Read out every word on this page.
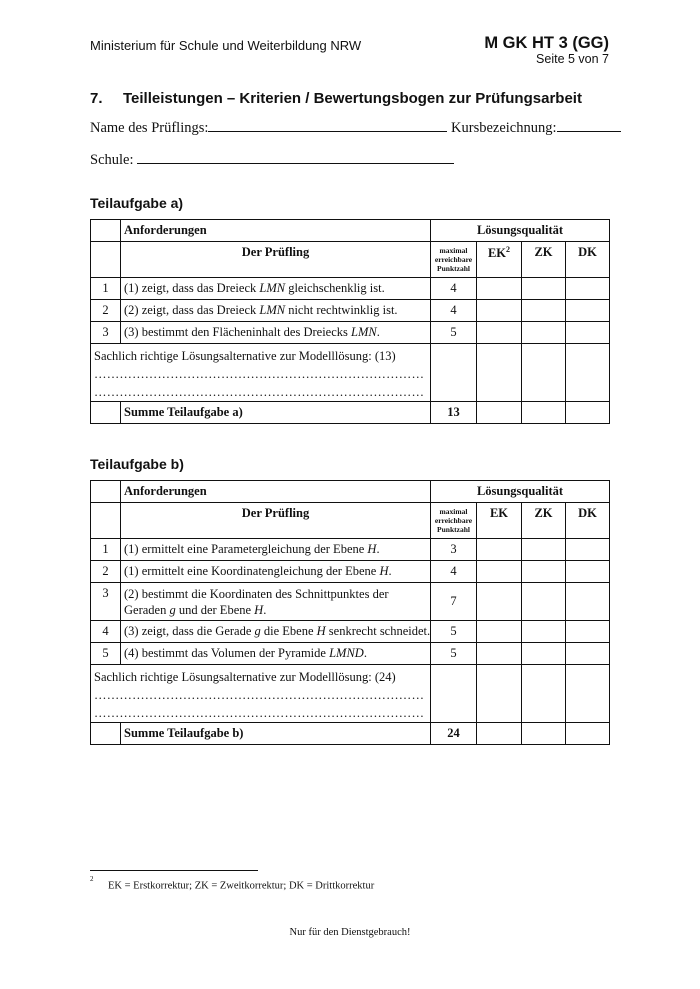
Ministerium für Schule und Weiterbildung NRW	M GK HT 3 (GG)
Seite 5 von 7
7. Teilleistungen – Kriterien / Bewertungsbogen zur Prüfungsarbeit
Name des Prüflings:	Kursbezeichnung:
Schule:
Teilaufgabe a)
	Anforderungen	Lösungsqualität			
	Der Prüfling	maximal
erreichbare
Punktzahl	$EK^2$	ZK	DK
1	(1) zeigt, dass das Dreieck LMN gleichschenklig ist.	4			
2	(2) zeigt, dass das Dreieck LMN nicht rechtwinklig ist.	4			
3	(3) bestimmt den Flächeninhalt des Dreiecks LMN.	5			

Sachlich richtige Lösungsalternative zur Modelllösung: (13)
……………………………………………………………………
……………………………………………………………………					

	Summe Teilaufgabe a)	13			
Teilaufgabe b)
	Anforderungen	Lösungsqualität			
	Der Prüfling	maximal
erreichbare
Punktzahl	EK	ZK	DK
1	(1) ermittelt eine Parametergleichung der Ebene H.	3			
2	(1) ermittelt eine Koordinatengleichung der Ebene H.	4			
3	(2) bestimmt die Koordinaten des Schnittpunktes der
Geraden g und der Ebene H.	7			
4	(3) zeigt, dass die Gerade g die Ebene H senkrecht schneidet.	5			
5	(4) bestimmt das Volumen der Pyramide LMND.	5			

Sachlich richtige Lösungsalternative zur Modelllösung: (24)
……………………………………………………………………
……………………………………………………………………					

	Summe Teilaufgabe b)	24			
$^2$EK = Erstkorrektur; ZK = Zweitkorrektur; DK = Drittkorrektur
Nur für den Dienstgebrauch!
